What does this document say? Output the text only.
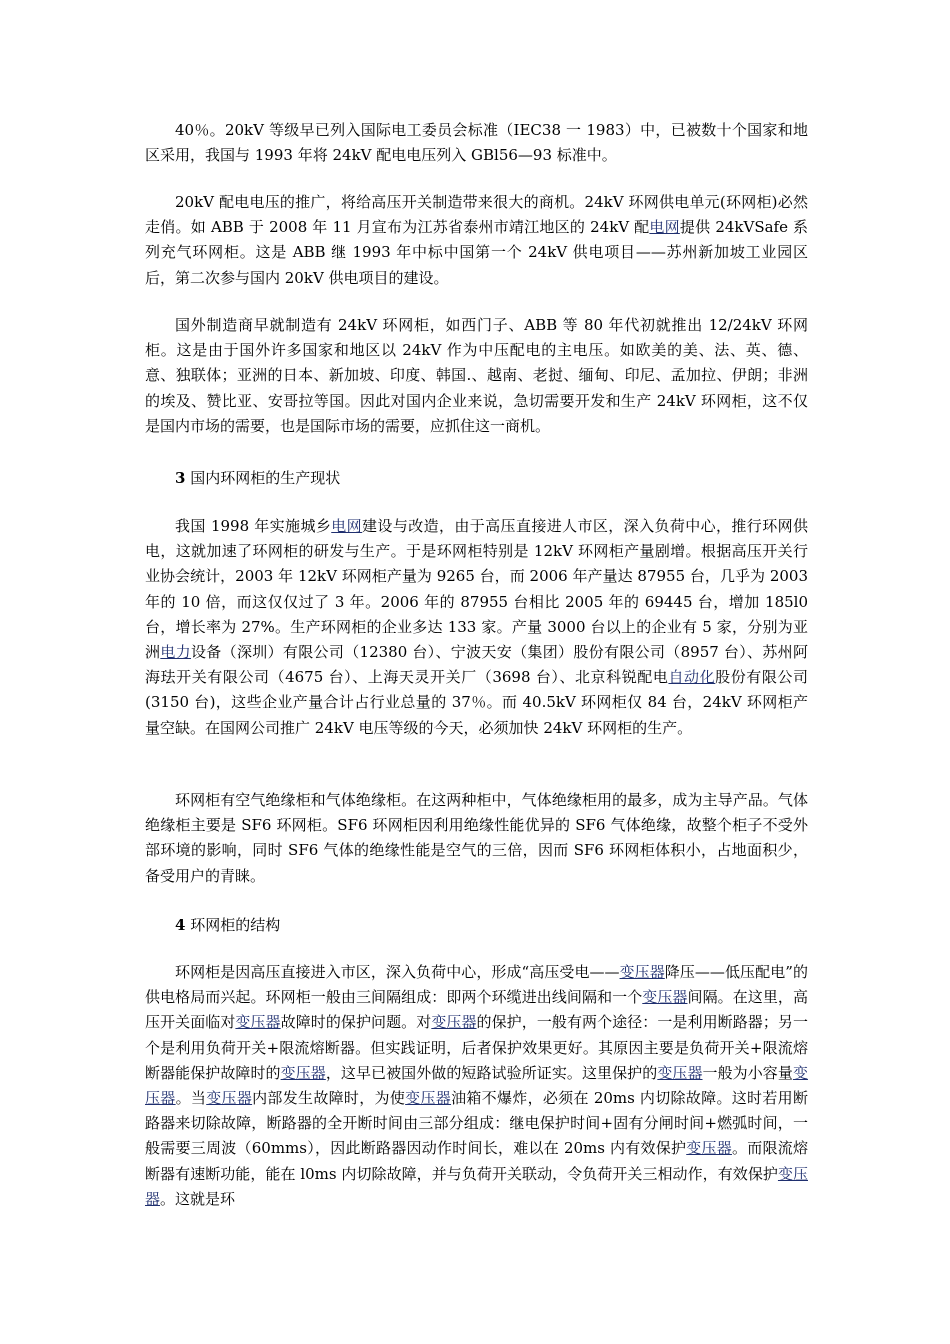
40％。20kV 等级早已列入国际电工委员会标准（IEC38 一 1983）中，已被数十个国家和地区采用，我国与 1993 年将 24kV 配电电压列入 GBl56—93 标准中。

20kV 配电电压的推广，将给高压开关制造带来很大的商机。24kV 环网供电单元(环网柜)必然走俏。如 ABB 于 2008 年 11 月宣布为江苏省泰州市靖江地区的 24kV 配电网提供 24kVSafe 系列充气环网柜。这是 ABB 继 1993 年中标中国第一个 24kV 供电项目——苏州新加坡工业园区后，第二次参与国内 20kV 供电项目的建设。

国外制造商早就制造有 24kV 环网柜，如西门子、ABB 等 80 年代初就推出 12/24kV 环网柜。这是由于国外许多国家和地区以 24kV 作为中压配电的主电压。如欧美的美、法、英、德、意、独联体；亚洲的日本、新加坡、印度、韩国.、越南、老挝、缅甸、印尼、孟加拉、伊朗；非洲的埃及、赞比亚、安哥拉等国。因此对国内企业来说，急切需要开发和生产 24kV 环网柜，这不仅是国内市场的需要，也是国际市场的需要，应抓住这一商机。

3 国内环网柜的生产现状

我国 1998 年实施城乡电网建设与改造，由于高压直接进人市区，深入负荷中心，推行环网供电，这就加速了环网柜的研发与生产。于是环网柜特别是 12kV 环网柜产量剧增。根据高压开关行业协会统计，2003 年 12kV 环网柜产量为 9265 台，而 2006 年产量达 87955 台，几乎为 2003 年的 10 倍，而这仅仅过了 3 年。2006 年的 87955 台相比 2005 年的 69445 台，增加 185l0 台，增长率为 27%。生产环网柜的企业多达 133 家。产量 3000 台以上的企业有 5 家，分别为亚洲电力设备（深圳）有限公司（12380 台）、宁波天安（集团）股份有限公司（8957 台）、苏州阿海珐开关有限公司（4675 台）、上海天灵开关厂（3698 台）、北京科锐配电自动化股份有限公司(3150 台)，这些企业产量合计占行业总量的 37％。而 40.5kV 环网柜仅 84 台，24kV 环网柜产量空缺。在国网公司推广 24kV 电压等级的今天，必须加快 24kV 环网柜的生产。

环网柜有空气绝缘柜和气体绝缘柜。在这两种柜中，气体绝缘柜用的最多，成为主导产品。气体绝缘柜主要是 SF6 环网柜。SF6 环网柜因利用绝缘性能优异的 SF6 气体绝缘，故整个柜子不受外部环境的影响，同时 SF6 气体的绝缘性能是空气的三倍，因而 SF6 环网柜体积小，占地面积少，备受用户的青睐。

4 环网柜的结构

环网柜是因高压直接进入市区，深入负荷中心，形成“高压受电——变压器降压——低压配电”的供电格局而兴起。环网柜一般由三间隔组成：即两个环缆进出线间隔和一个变压器间隔。在这里，高压开关面临对变压器故障时的保护问题。对变压器的保护，一般有两个途径：一是利用断路器；另一个是利用负荷开关+限流熔断器。但实践证明，后者保护效果更好。其原因主要是负荷开关+限流熔断器能保护故障时的变压器，这早已被国外做的短路试验所证实。这里保护的变压器一般为小容量变压器。当变压器内部发生故障时，为使变压器油箱不爆炸，必须在 20ms 内切除故障。这时若用断路器来切除故障，断路器的全开断时间由三部分组成：继电保护时间+固有分闸时间+燃弧时间，一般需要三周波（60mms），因此断路器因动作时间长，难以在 20ms 内有效保护变压器。而限流熔断器有速断功能，能在 l0ms 内切除故障，并与负荷开关联动，令负荷开关三相动作，有效保护变压器。这就是环
